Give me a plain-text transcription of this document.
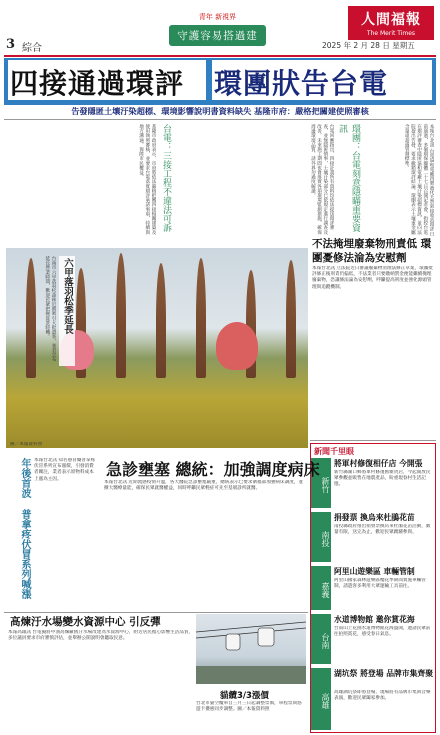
3 綜合
青年 新視界
守護容易搭過建
人間福報
The Merit Times
2025 年 2 月 28 日 星期五
四接通過環評 環團狀告台電
告發隱匿土壤汙染超標、環境影響說明書資料缺失 基隆市府：嚴格把關建使照審核
本報台北訊 台電協和電廠四號液化天然氣接收站環評日前通過，多個環保團體二十七日召開記者會，指控台電在環評審查中隱匿協和電廠土壤汙染超標資訊，並向法院提出告發，要求撤銷環評結論。環團表示土壤重金屬含量遠超過管制標準。
環團：台電刻意隱瞞重要資訊
台電回應指出，四接計畫所有資料均依法提送環評審查，並無隱匿情事，土壤汙染部分已依規定進行調查及改善，未來施工期間也會落實各項環境監測措施，確保周邊環境品質，請外界勿過度解讀。
台電：三接工程不違法可訴
基隆市政府表示，市府將依法嚴格把關四接相關建築及使用執照審核，並要求台電落實環評承諾事項，持續與地方溝通，保障市民權益。
六甲落羽松季延長
台南市六甲落羽松森林近期吸引大批遊客，業者宣布延長營業時間，歡迎民眾把握賞景時機。
圖／本報資料照
不法掩埋廢棄物刑責低 環團憂修法淪為安慰劑
本報台北訊 立法院近日審議廢棄物清理法修正草案，環團批評修正後刑責仍偏低，不法業者只要繳納罰金便能繼續掩埋廢棄物，恐讓修法淪為安慰劑，呼籲提高刑度並強化源頭管理與追蹤機制。
新聞千里眼
新竹
將軍村修復相仔店 今開張
新竹縣湖口鄉將軍村修復舊雜貨店，今起開放民眾參觀並販售在地農產品，盼重現眷村生活記憶。
南投
捐發票 換烏來杜鵑花苗
南投縣政府推出捐發票換烏來杜鵑花苗活動，數量有限，送完為止，歡迎民眾踴躍參與。
嘉義
阿里山遊樂區 車輛管制
阿里山國家森林遊樂區櫻花季期間實施車輛管制，請遊客多利用大眾運輸工具前往。
台南
水道博物館 邀你賞花海
台南山上花園水道博物館花海盛開，邀請民眾前往拍照賞花，感受春日氣息。
高雄
湖坑祭 將登場 品牌市集齊聚
高雄湖坑祭即將登場，現場將有品牌市集與音樂表演，歡迎民眾闔家參加。
年後首波 普拿疼伏冒系列喊漲 本報台北訊 知名感冒藥普拿疼伏冒系列宣布漲價，引發消費者關注，業者表示原物料成本上漲為主因。
急診壅塞 總統：加強調度病床
本報台北訊 近期流感疫情升溫，各大醫院急診壅塞嚴重，總統表示已要求衛福部加強病床調度，並擴大醫療量能，確保民眾就醫權益，同時呼籲民眾輕症可先至基層診所就醫。
高煉汙水場變水資源中心 引反彈
本報高雄訊 台電擬將中油高煉廠舊汙水場改建為水資源中心，附近居民擔心影響生活品質，多位議員要求市府審慎評估，並舉辦公開說明會聽取民意。
貓纜3/3漲價
台北市貓空纜車自三月三日起調整票價，單程票與悠遊卡優惠同步調整。圖／本報資料照
